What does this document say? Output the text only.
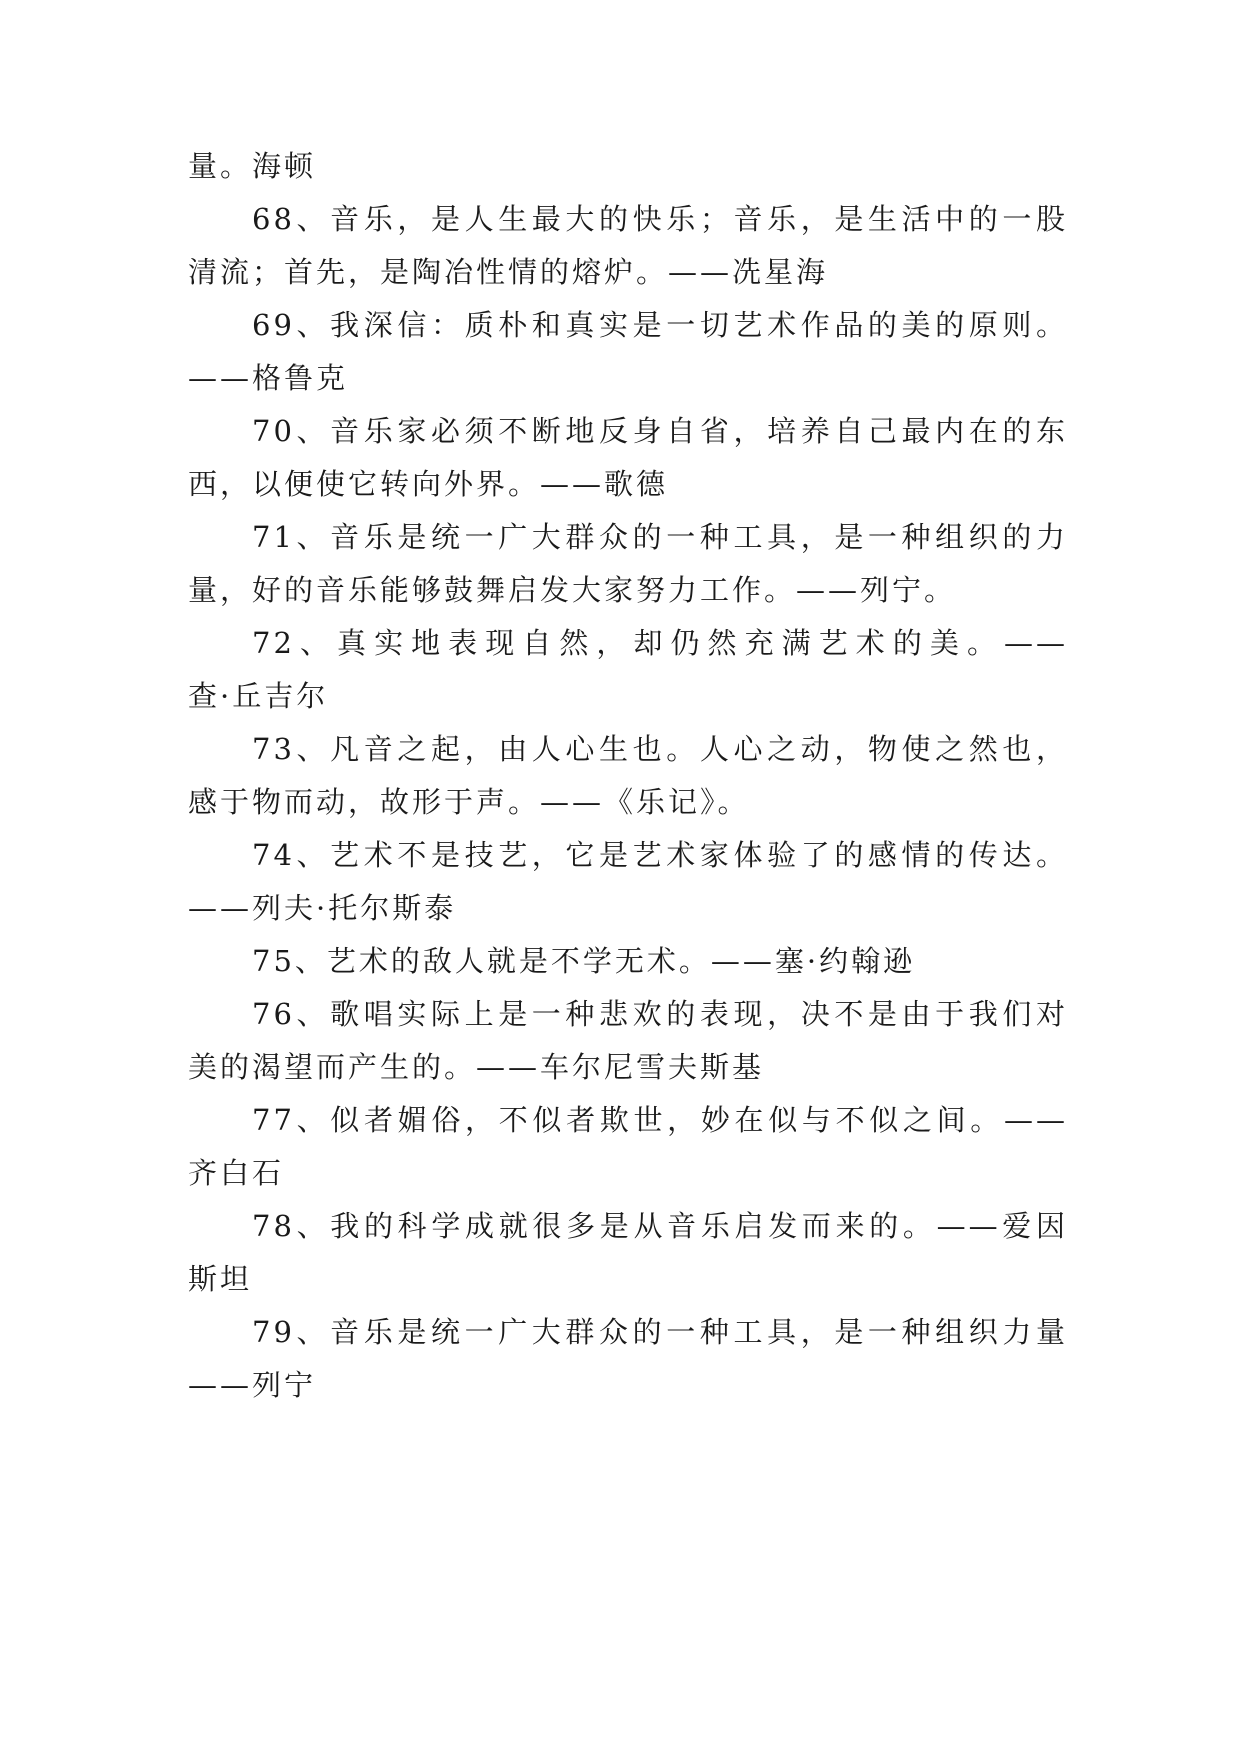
量。海顿
68、音乐，是人生最大的快乐；音乐，是生活中的一股
清流；首先，是陶冶性情的熔炉。——冼星海
69、我深信：质朴和真实是一切艺术作品的美的原则。
——格鲁克
70、音乐家必须不断地反身自省，培养自己最内在的东
西，以便使它转向外界。——歌德
71、音乐是统一广大群众的一种工具，是一种组织的力
量，好的音乐能够鼓舞启发大家努力工作。——列宁。
72、真实地表现自然，却仍然充满艺术的美。——
查·丘吉尔
73、凡音之起，由人心生也。人心之动，物使之然也，
感于物而动，故形于声。——《乐记》。
74、艺术不是技艺，它是艺术家体验了的感情的传达。
——列夫·托尔斯泰
75、艺术的敌人就是不学无术。——塞·约翰逊
76、歌唱实际上是一种悲欢的表现，决不是由于我们对
美的渴望而产生的。——车尔尼雪夫斯基
77、似者媚俗，不似者欺世，妙在似与不似之间。——
齐白石
78、我的科学成就很多是从音乐启发而来的。——爱因
斯坦
79、音乐是统一广大群众的一种工具，是一种组织力量
——列宁
